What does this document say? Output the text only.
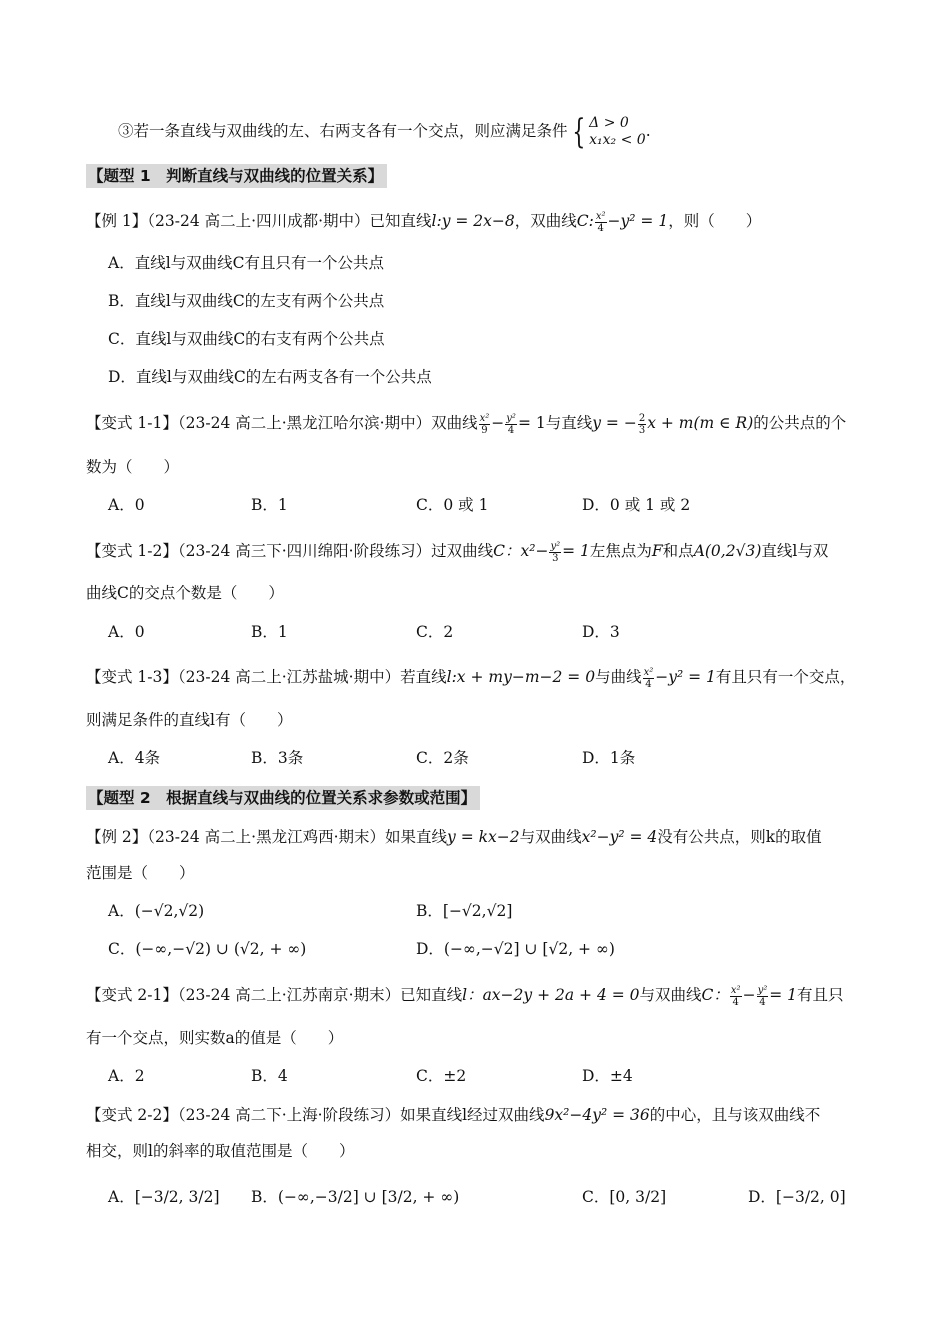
③若一条直线与双曲线的左、右两支各有一个交点，则应满足条件 { Δ > 0
x₁x₂ < 0 .
【题型 1　判断直线与双曲线的位置关系】
【例 1】（23-24 高二上·四川成都·期中）已知直线l:y = 2x−8，双曲线C: $\frac{\text{x²}}{4} -y^2 = 1$，则（　　）
A．直线l与双曲线C有且只有一个公共点
B．直线l与双曲线C的左支有两个公共点
C．直线l与双曲线C的右支有两个公共点
D．直线l与双曲线C的左右两支各有一个公共点
【变式 1-1】（23-24 高二上·黑龙江哈尔滨·期中）双曲线 $\frac{\text{x²}}{9} - \frac{\text{y²}}{4} = 1$与直线y = − $\frac{2}{3}$ x + m(m ∈ R)的公共点的个
数为（　　）
A．0	B．1	C．0 或 1	D．0 或 1 或 2
【变式 1-2】（23-24 高三下·四川绵阳·阶段练习）过双曲线C：$x^2- \frac{\text{y²}}{3} = 1$左焦点为F和点A(0,2√3)直线l与双
曲线C的交点个数是（　　）
A．0	B．1	C．2	D．3
【变式 1-3】（23-24 高二上·江苏盐城·期中）若直线l:x + my−m−2 = 0与曲线 $\frac{\text{x²}}{4} -y^2 = 1$有且只有一个交点，
则满足条件的直线l有（　　）
A．4条	B．3条	C．2条	D．1条
【题型 2　根据直线与双曲线的位置关系求参数或范围】
【例 2】（23-24 高二上·黑龙江鸡西·期末）如果直线y = kx−2与双曲线x²−y² = 4没有公共点，则k的取值
范围是（　　）
A．(−√2,√2)	B．[−√2,√2]
C．(−∞,−√2) ∪ (√2, + ∞)	D．(−∞,−√2] ∪ [√2, + ∞)
【变式 2-1】（23-24 高二上·江苏南京·期末）已知直线l：ax−2y + 2a + 4 = 0与双曲线C： $\frac{\text{x²}}{4} - \frac{\text{y²}}{4} = 1$有且只
有一个交点，则实数a的值是（　　）
A．2	B．4	C．±2	D．±4
【变式 2-2】（23-24 高二下·上海·阶段练习）如果直线l经过双曲线9x²−4y² = 36的中心，且与该双曲线不
相交，则l的斜率的取值范围是（　　）
A．[−3/2, 3/2] B．(−∞,−3/2] ∪ [3/2, + ∞)	C．[0, 3/2]	D．[−3/2, 0]
